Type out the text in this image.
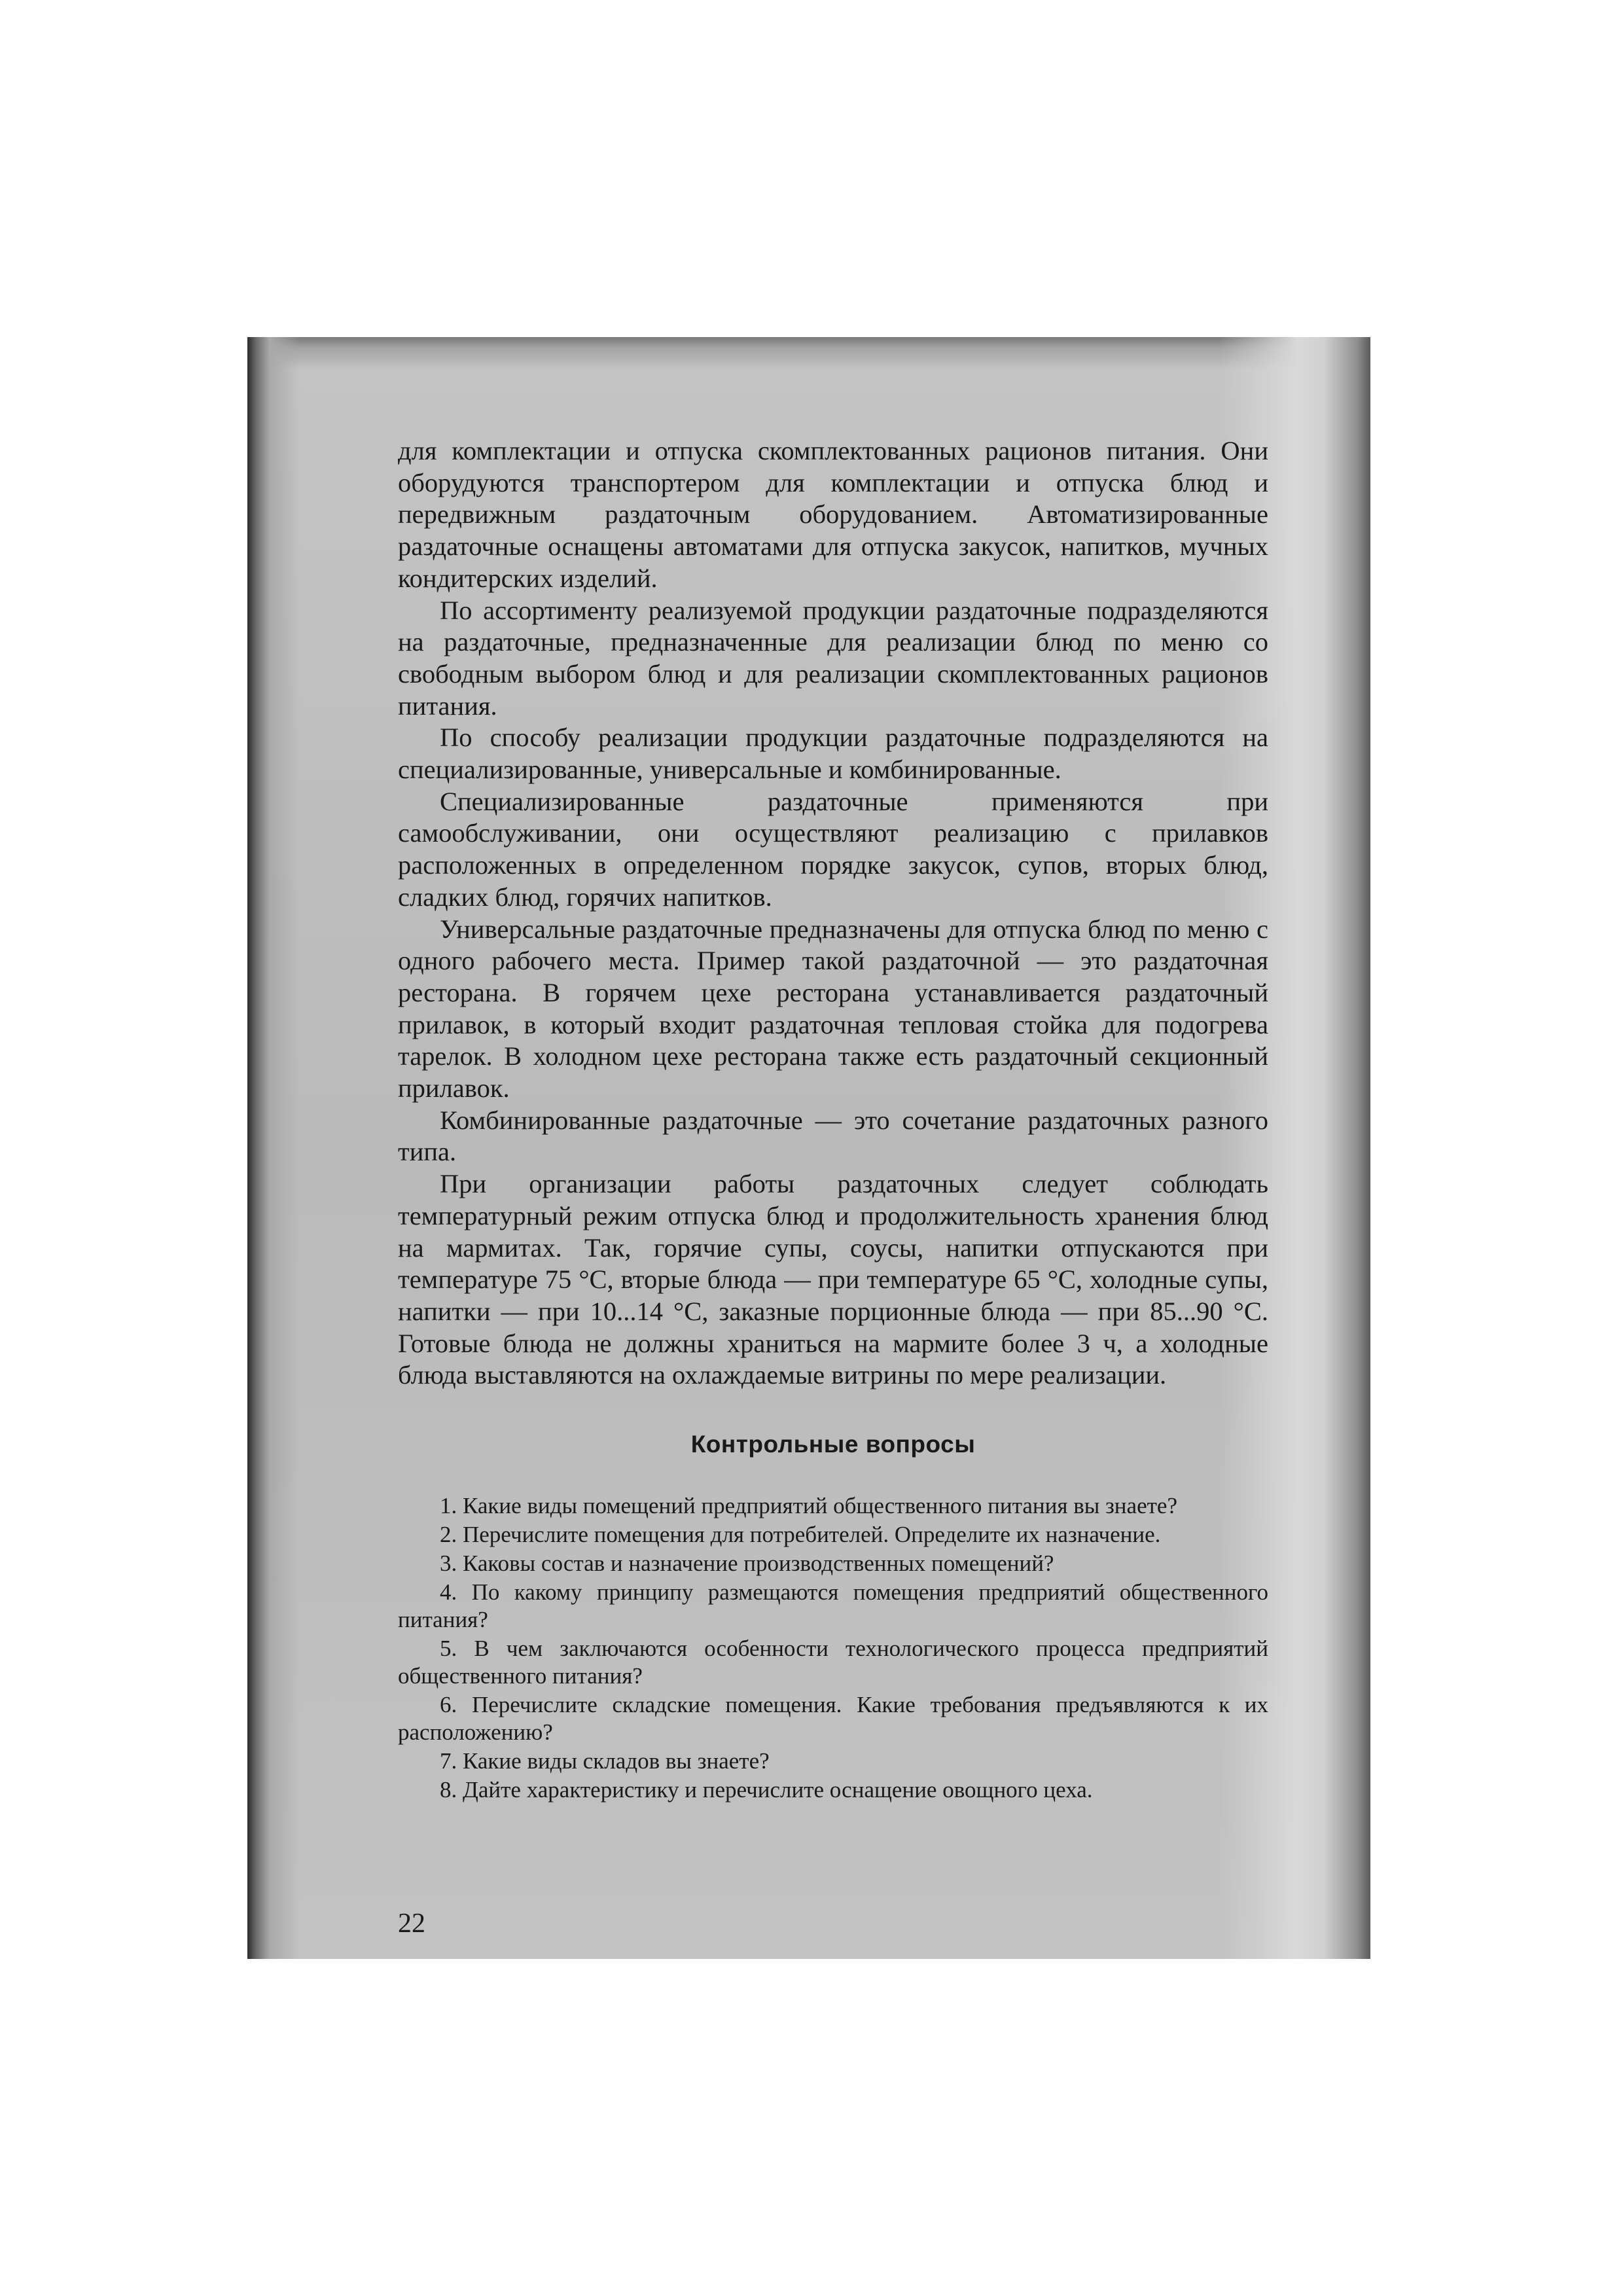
для комплектации и отпуска скомплектованных рационов питания. Они оборудуются транспортером для комплектации и отпуска блюд и передвижным раздаточным оборудованием. Автоматизированные раздаточные оснащены автоматами для отпуска закусок, напитков, мучных кондитерских изделий.

По ассортименту реализуемой продукции раздаточные подразделяются на раздаточные, предназначенные для реализации блюд по меню со свободным выбором блюд и для реализации скомплектованных рационов питания.

По способу реализации продукции раздаточные подразделяются на специализированные, универсальные и комбинированные.

Специализированные раздаточные применяются при самообслуживании, они осуществляют реализацию с прилавков расположенных в определенном порядке закусок, супов, вторых блюд, сладких блюд, горячих напитков.

Универсальные раздаточные предназначены для отпуска блюд по меню с одного рабочего места. Пример такой раздаточной — это раздаточная ресторана. В горячем цехе ресторана устанавливается раздаточный прилавок, в который входит раздаточная тепловая стойка для подогрева тарелок. В холодном цехе ресторана также есть раздаточный секционный прилавок.

Комбинированные раздаточные — это сочетание раздаточных разного типа.

При организации работы раздаточных следует соблюдать температурный режим отпуска блюд и продолжительность хранения блюд на мармитах. Так, горячие супы, соусы, напитки отпускаются при температуре 75 °С, вторые блюда — при температуре 65 °С, холодные супы, напитки — при 10...14 °С, заказные порционные блюда — при 85...90 °С. Готовые блюда не должны храниться на мармите более 3 ч, а холодные блюда выставляются на охлаждаемые витрины по мере реализации.

Контрольные вопросы

1. Какие виды помещений предприятий общественного питания вы знаете?

2. Перечислите помещения для потребителей. Определите их назначение.

3. Каковы состав и назначение производственных помещений?

4. По какому принципу размещаются помещения предприятий общественного питания?

5. В чем заключаются особенности технологического процесса предприятий общественного питания?

6. Перечислите складские помещения. Какие требования предъявляются к их расположению?

7. Какие виды складов вы знаете?

8. Дайте характеристику и перечислите оснащение овощного цеха.

22
